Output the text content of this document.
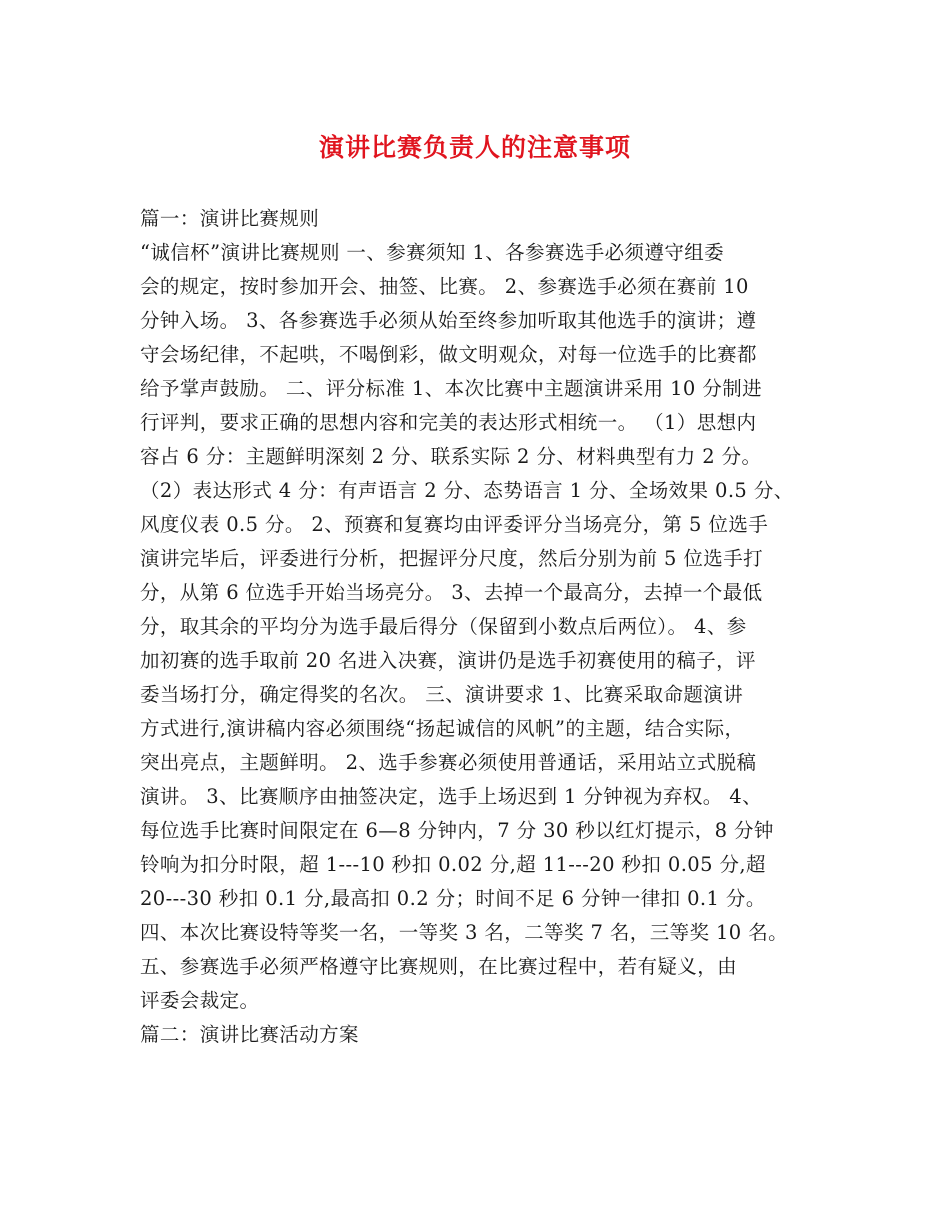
演讲比赛负责人的注意事项
篇一：演讲比赛规则
“诚信杯”演讲比赛规则 一、参赛须知 1、各参赛选手必须遵守组委
会的规定，按时参加开会、抽签、比赛。 2、参赛选手必须在赛前 10
分钟入场。 3、各参赛选手必须从始至终参加听取其他选手的演讲；遵
守会场纪律，不起哄，不喝倒彩，做文明观众，对每一位选手的比赛都
给予掌声鼓励。 二、评分标准 1、本次比赛中主题演讲采用 10 分制进
行评判，要求正确的思想内容和完美的表达形式相统一。 （1）思想内
容占 6 分：主题鲜明深刻 2 分、联系实际 2 分、材料典型有力 2 分。
（2）表达形式 4 分：有声语言 2 分、态势语言 1 分、全场效果 0.5 分、
风度仪表 0.5 分。 2、预赛和复赛均由评委评分当场亮分，第 5 位选手
演讲完毕后，评委进行分析，把握评分尺度，然后分别为前 5 位选手打
分，从第 6 位选手开始当场亮分。 3、去掉一个最高分，去掉一个最低
分，取其余的平均分为选手最后得分（保留到小数点后两位）。 4、参
加初赛的选手取前 20 名进入决赛，演讲仍是选手初赛使用的稿子，评
委当场打分，确定得奖的名次。 三、演讲要求 1、比赛采取命题演讲
方式进行,演讲稿内容必须围绕“扬起诚信的风帆”的主题，结合实际，
突出亮点，主题鲜明。 2、选手参赛必须使用普通话，采用站立式脱稿
演讲。 3、比赛顺序由抽签决定，选手上场迟到 1 分钟视为弃权。 4、
每位选手比赛时间限定在 6—8 分钟内，7 分 30 秒以红灯提示，8 分钟
铃响为扣分时限，超 1---10 秒扣 0.02 分,超 11---20 秒扣 0.05 分,超
20---30 秒扣 0.1 分,最高扣 0.2 分；时间不足 6 分钟一律扣 0.1 分。
四、本次比赛设特等奖一名，一等奖 3 名，二等奖 7 名，三等奖 10 名。
五、参赛选手必须严格遵守比赛规则，在比赛过程中，若有疑义，由
评委会裁定。
篇二：演讲比赛活动方案
